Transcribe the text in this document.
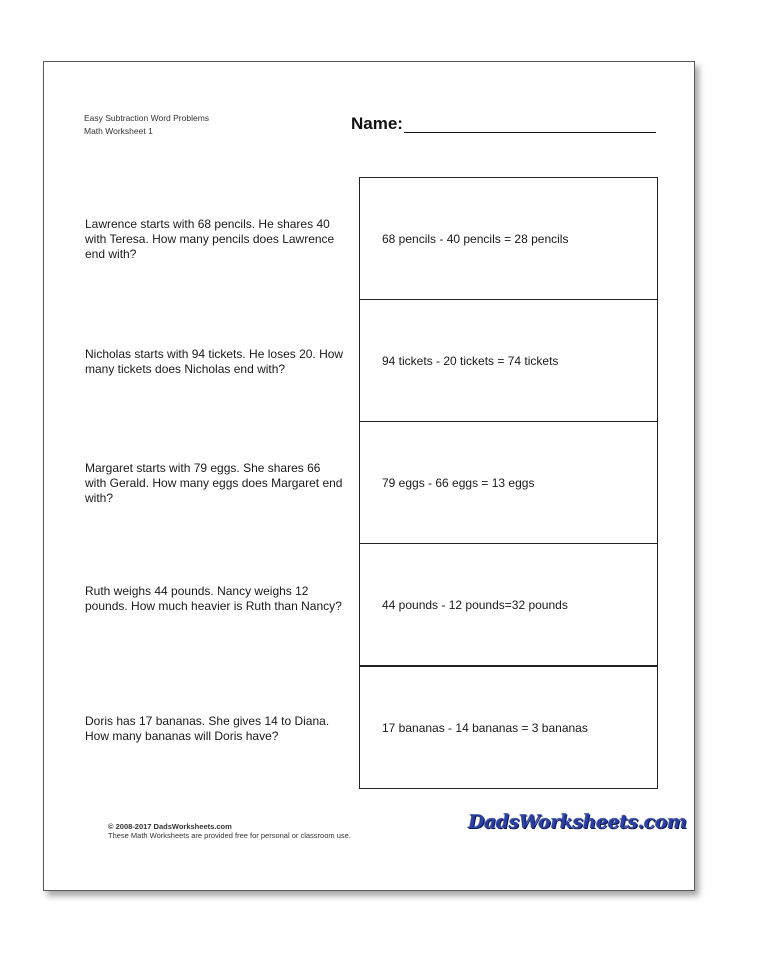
Easy Subtraction Word Problems
Math Worksheet 1	Name:
Lawrence starts with 68 pencils. He shares 40 with Teresa. How many pencils does Lawrence end with?
68 pencils - 40 pencils = 28 pencils
Nicholas starts with 94 tickets. He loses 20. How many tickets does Nicholas end with?
94 tickets - 20 tickets = 74 tickets
Margaret starts with 79 eggs. She shares 66 with Gerald. How many eggs does Margaret end with?
79 eggs - 66 eggs = 13 eggs
Ruth weighs 44 pounds. Nancy weighs 12 pounds. How much heavier is Ruth than Nancy?	44 pounds - 12 pounds=32 pounds
Doris has 17 bananas. She gives 14 to Diana. How many bananas will Doris have?
17 bananas - 14 bananas = 3 bananas
© 2008-2017 DadsWorksheets.com
These Math Worksheets are provided free for personal or classroom use.
DadsWorksheets.com
